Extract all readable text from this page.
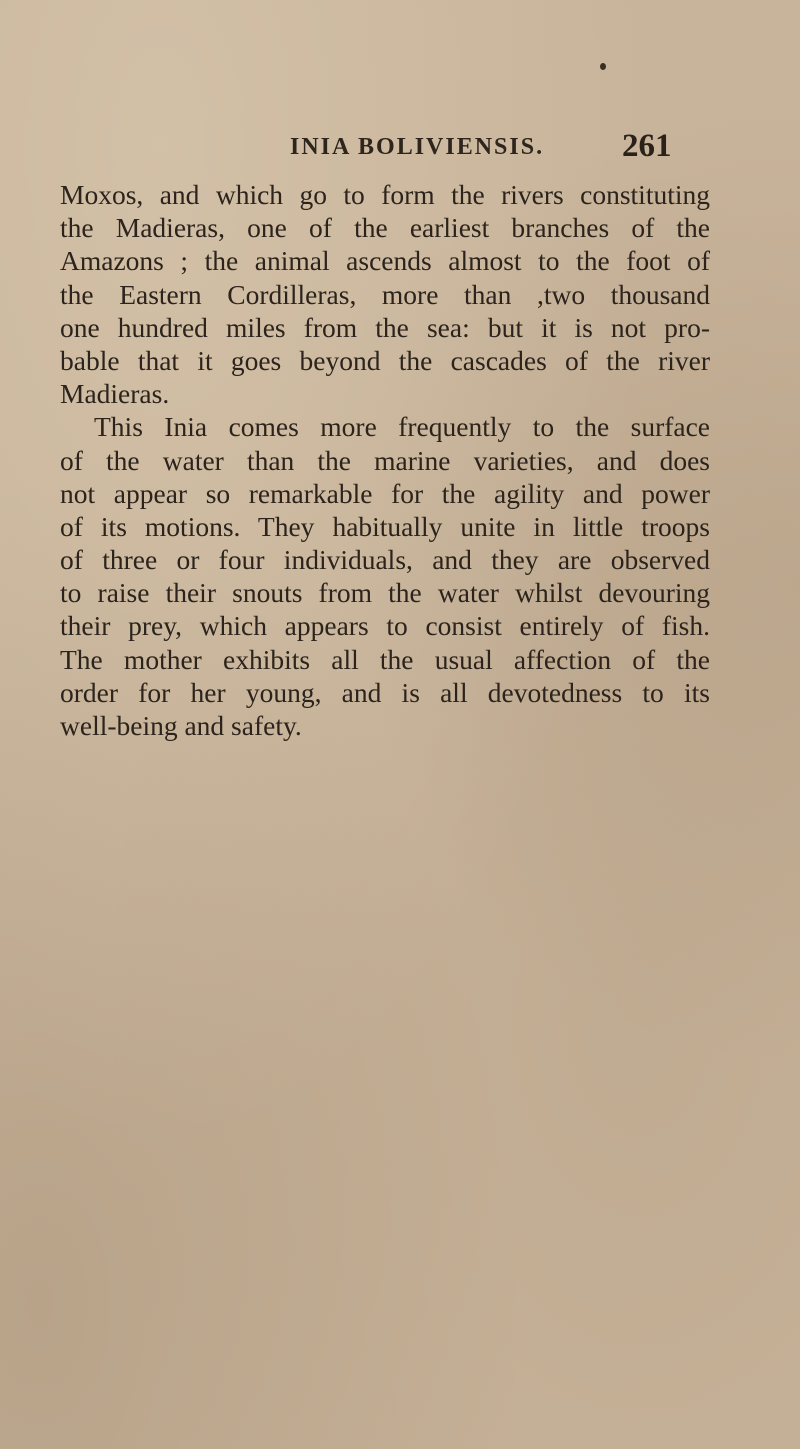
INIA BOLIVIENSIS. 261
Moxos, and which go to form the rivers constituting
the Madieras, one of the earliest branches of the
Amazons ; the animal ascends almost to the foot of
the Eastern Cordilleras, more than ,two thousand
one hundred miles from the sea: but it is not pro-
bable that it goes beyond the cascades of the river
Madieras.
This Inia comes more frequently to the surface
of the water than the marine varieties, and does
not appear so remarkable for the agility and power
of its motions. They habitually unite in little troops
of three or four individuals, and they are observed
to raise their snouts from the water whilst devouring
their prey, which appears to consist entirely of fish.
The mother exhibits all the usual affection of the
order for her young, and is all devotedness to its
well-being and safety.
